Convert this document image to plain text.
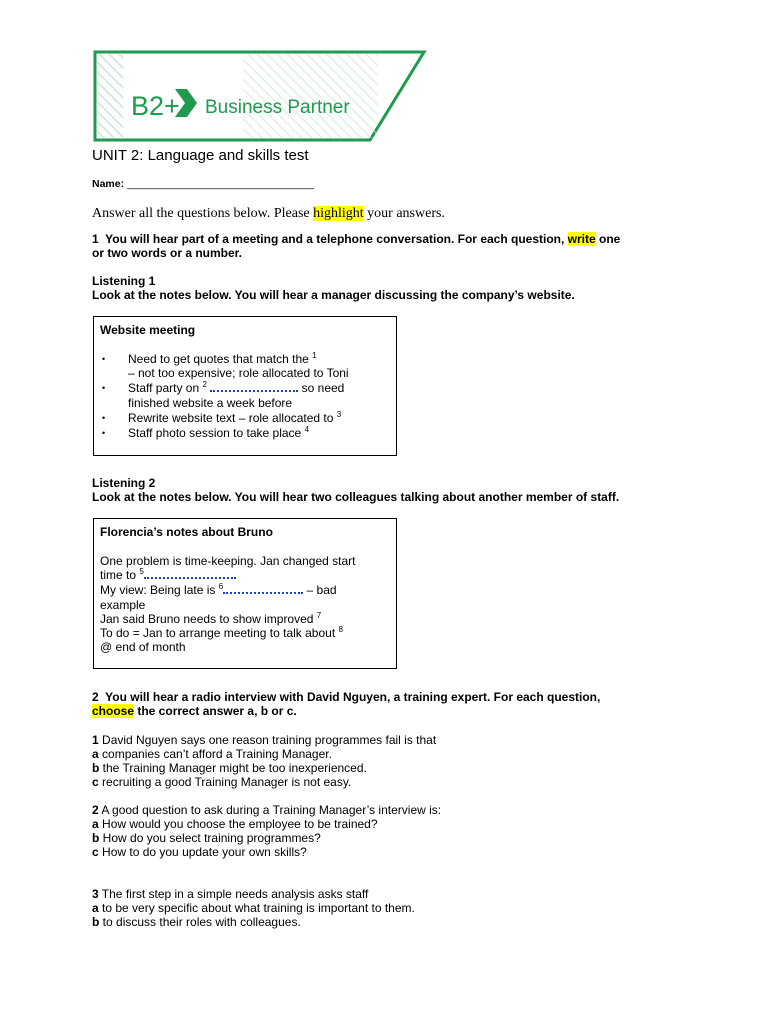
B2+ Business Partner
UNIT 2: Language and skills test
Name: ________________________________
Answer all the questions below. Please highlight your answers.
1  You will hear part of a meeting and a telephone conversation. For each question, write one
or two words or a number.
Listening 1
Look at the notes below. You will hear a manager discussing the company’s website.
Website meeting
• Need to get quotes that match the $^1$
– not too expensive; role allocated to Toni
• Staff party on $^2$	so need
finished website a week before
• Rewrite website text – role allocated to $^3$
• Staff photo session to take place $^4$
Listening 2
Look at the notes below. You will hear two colleagues talking about another member of staff.
Florencia’s notes about Bruno
One problem is time-keeping. Jan changed start
time to $^5$
My view: Being late is $^6$	– bad
example
Jan said Bruno needs to show improved $^7$
To do = Jan to arrange meeting to talk about $^8$
@ end of month
2  You will hear a radio interview with David Nguyen, a training expert. For each question,
choose the correct answer a, b or c.
1 David Nguyen says one reason training programmes fail is that
a companies can’t afford a Training Manager.
b the Training Manager might be too inexperienced.
c recruiting a good Training Manager is not easy.
2 A good question to ask during a Training Manager’s interview is:
a How would you choose the employee to be trained?
b How do you select training programmes?
c How to do you update your own skills?
3 The first step in a simple needs analysis asks staff
a to be very specific about what training is important to them.
b to discuss their roles with colleagues.
